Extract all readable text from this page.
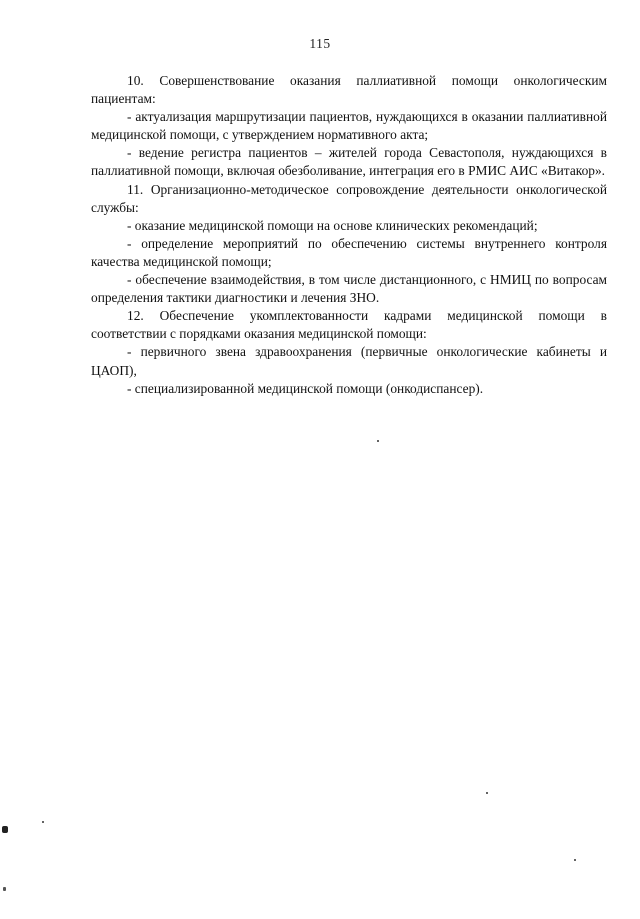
115

10. Совершенствование оказания паллиативной помощи онкологическим пациентам:

- актуализация маршрутизации пациентов, нуждающихся в оказании паллиативной медицинской помощи, с утверждением нормативного акта;

- ведение регистра пациентов – жителей города Севастополя, нуждающихся в паллиативной помощи, включая обезболивание, интеграция его в РМИС АИС «Витакор».

11. Организационно-методическое сопровождение деятельности онкологической службы:

- оказание медицинской помощи на основе клинических рекомендаций;

- определение мероприятий по обеспечению системы внутреннего контроля качества медицинской помощи;

- обеспечение взаимодействия, в том числе дистанционного, с НМИЦ по вопросам определения тактики диагностики и лечения ЗНО.

12. Обеспечение укомплектованности кадрами медицинской помощи в соответствии с порядками оказания медицинской помощи:

- первичного звена здравоохранения (первичные онкологические кабинеты и ЦАОП),

- специализированной медицинской помощи (онкодиспансер).
